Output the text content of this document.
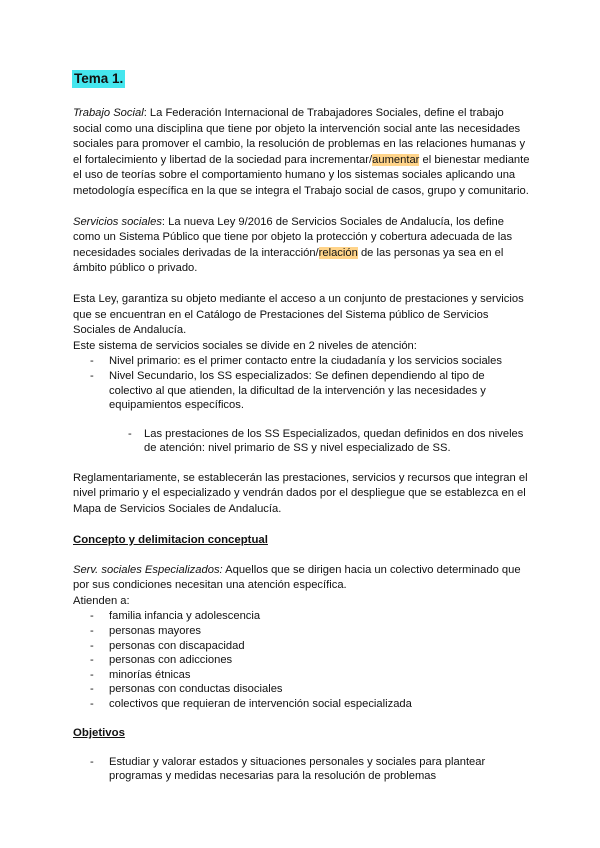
Tema 1.

Trabajo Social: La Federación Internacional de Trabajadores Sociales, define el trabajo

social como una disciplina que tiene por objeto la intervención social ante las necesidades

sociales para promover el cambio, la resolución de problemas en las relaciones humanas y

el fortalecimiento y libertad de la sociedad para incrementar/aumentar el bienestar mediante

el uso de teorías sobre el comportamiento humano y los sistemas sociales aplicando una

metodología específica en la que se integra el Trabajo social de casos, grupo y comunitario.

Servicios sociales: La nueva Ley 9/2016 de Servicios Sociales de Andalucía, los define

como un Sistema Público que tiene por objeto la protección y cobertura adecuada de las

necesidades sociales derivadas de la interacción/relación de las personas ya sea en el

ámbito público o privado.

Esta Ley, garantiza su objeto mediante el acceso a un conjunto de prestaciones y servicios

que se encuentran en el Catálogo de Prestaciones del Sistema público de Servicios

Sociales de Andalucía.

Este sistema de servicios sociales se divide en 2 niveles de atención:

- Nivel primario: es el primer contacto entre la ciudadanía y los servicios sociales
- Nivel Secundario, los SS especializados: Se definen dependiendo al tipo de colectivo al que atienden, la dificultad de la intervención y las necesidades y equipamientos específicos.
- Las prestaciones de los SS Especializados, quedan definidos en dos niveles de atención: nivel primario de SS y nivel especializado de SS.

Reglamentariamente, se establecerán las prestaciones, servicios y recursos que integran el

nivel primario y el especializado y vendrán dados por el despliegue que se establezca en el

Mapa de Servicios Sociales de Andalucía.

Concepto y delimitacion conceptual

Serv. sociales Especializados: Aquellos que se dirigen hacia un colectivo determinado que

por sus condiciones necesitan una atención específica.

Atienden a:

- familia infancia y adolescencia
- personas mayores
- personas con discapacidad
- personas con adicciones
- minorías étnicas
- personas con conductas disociales
- colectivos que requieran de intervención social especializada
Objetivos
- Estudiar y valorar estados y situaciones personales y sociales para plantear programas y medidas necesarias para la resolución de problemas
